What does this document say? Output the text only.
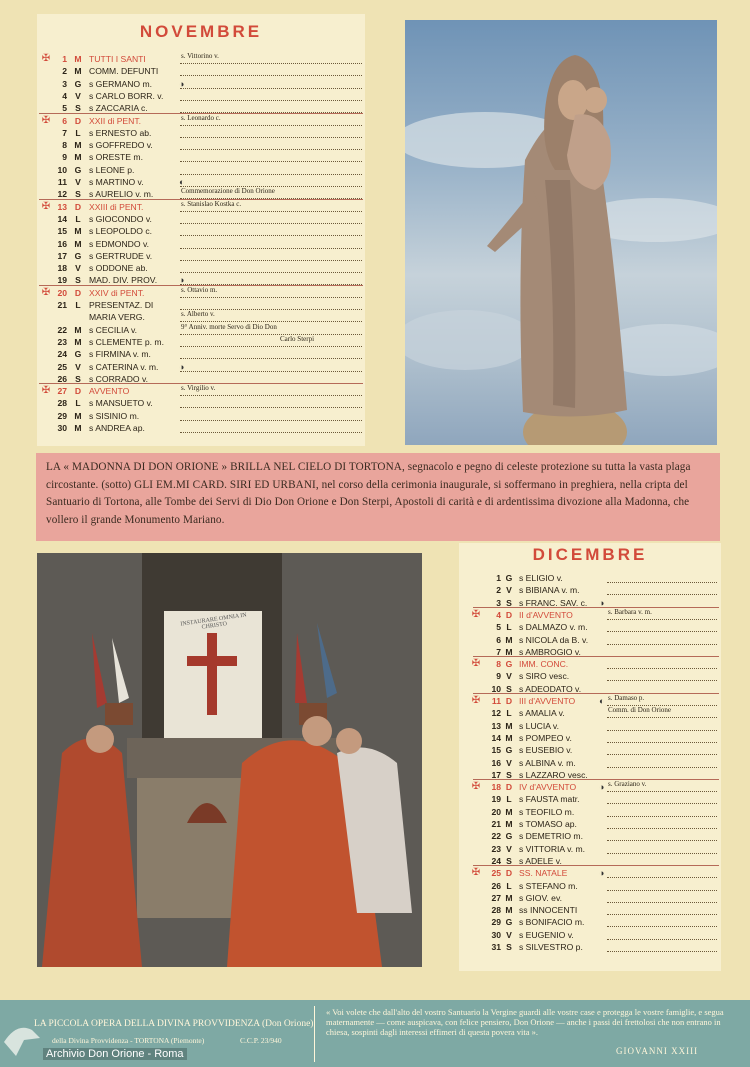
NOVEMBRE
✠	1 M TUTTI I SANTI	s. Vittorino v.
2 M COMM. DEFUNTI
3 G s GERMANO m.	◑
4 V s CARLO BORR. v.
5 S s ZACCARIA c.
✠	6 D XXII di PENT.	s. Leonardo c.
7 L s ERNESTO ab.
8 M s GOFFREDO v.
9 M s ORESTE m.
10 G s LEONE p.
11 V s MARTINO v.	◐
12 S s AURELIO v. m.	Commemorazione di Don Orione
✠ 13 D XXIII di PENT.	s. Stanislao Kostka c.
14 L s GIOCONDO v.
15 M s LEOPOLDO c.
16 M s EDMONDO v.
17 G s GERTRUDE v.
18 V s ODDONE ab.
19 S MAD. DIV. PROV. ◑
✠ 20 D XXIV di PENT.	s. Ottavio m.
21 L PRESENTAZ. DI
MARIA VERG.	s. Alberto v.
22 M s CECILIA v.	9° Anniv. morte Servo di Dio Don
23 M s CLEMENTE p. m.	Carlo Sterpi
24 G s FIRMINA v. m.
25 V s CATERINA v. m. ◑
26 S s CORRADO v.
✠ 27 D AVVENTO	s. Virgilio v.
28 L s MANSUETO v.
29 M s SISINIO m.
30 M s ANDREA ap.
LA « MADONNA DI DON ORIONE » BRILLA NEL CIELO DI TORTONA, segnacolo e pegno di celeste protezione su tutta la vasta plaga circostante. (sotto) GLI EM.MI CARD. SIRI ED URBANI, nel corso della cerimonia inaugurale, si soffermano in preghiera, nella cripta del Santuario di Tortona, alle Tombe dei Servi di Dio Don Orione e Don Sterpi, Apostoli di carità e di ardentissima divozione alla Madonna, che vollero il grande Monumento Mariano.
INSTAURARE OMNIA IN CHRISTO
DICEMBRE
1 G s ELIGIO v.
2 V s BIBIANA v. m.
3 S s FRANC. SAV. c. ◑
✠	4 D II d'AVVENTO	s. Barbara v. m.
5 L s DALMAZO v. m.
6 M s NICOLA da B. v.
7 M s AMBROGIO v.
✠	8 G IMM. CONC.
9 V s SIRO vesc.
10 S s ADEODATO v.
✠	11 D III d'AVVENTO	◐ s. Damaso p.
12 L s AMALIA v.	Comm. di Don Orione
13 M s LUCIA v.
14 M s POMPEO v.
15 G s EUSEBIO v.
16 V s ALBINA v. m.
17 S s LAZZARO vesc.
✠	18 D IV d'AVVENTO	◑ s. Graziano v.
19 L s FAUSTA matr.
20 M s TEOFILO m.
21 M s TOMASO ap.
22 G s DEMETRIO m.
23 V s VITTORIA v. m.
24 S s ADELE v.
✠	25 D SS. NATALE	◑
26 L s STEFANO m.
27 M s GIOV. ev.
28 M ss INNOCENTI
29 G s BONIFACIO m.
30 V s EUGENIO v.
31 S s SILVESTRO p.
LA PICCOLA OPERA DELLA DIVINA PROVVIDENZA (Don Orione)
della Divina Provvidenza - TORTONA (Piemonte)	C.C.P. 23/940
« Voi volete che dall'alto del vostro Santuario la Vergine guardi alle vostre case e protegga le vostre famiglie, e segua maternamente — come auspicava, con felice pensiero, Don Orione — anche i passi dei frettolosi che non entrano in chiesa, sospinti dagli interessi effimeri di questa povera vita ».
GIOVANNI XXIII
Archivio Don Orione - Roma
